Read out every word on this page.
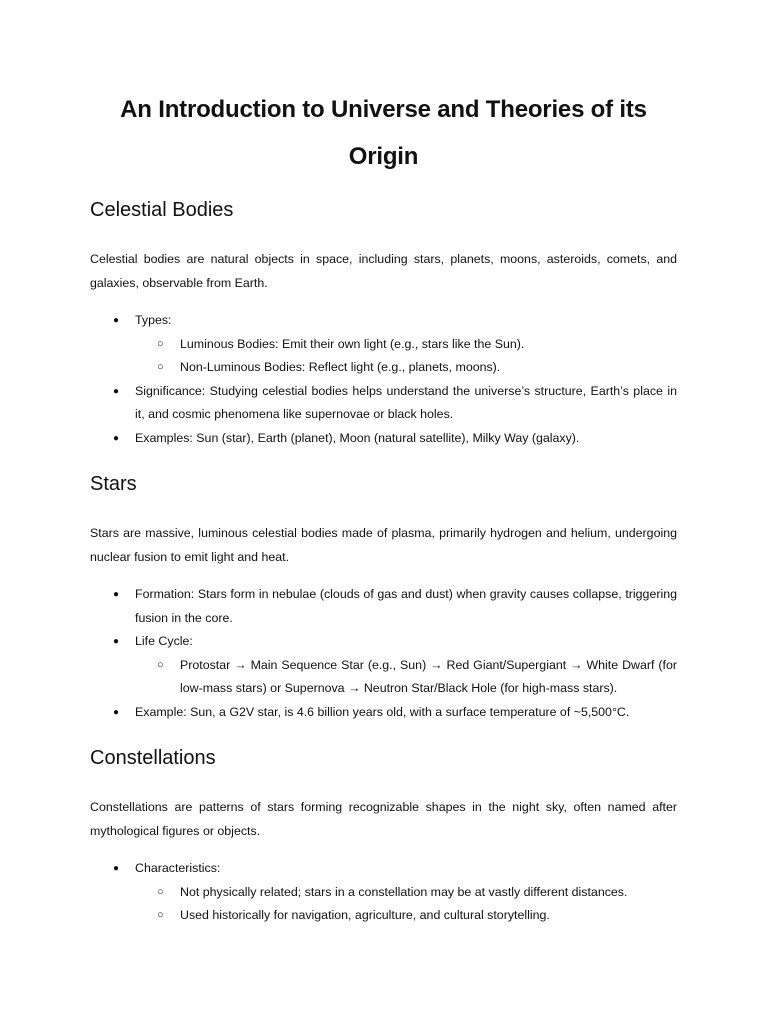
An Introduction to Universe and Theories of its
Origin
Celestial Bodies

Celestial bodies are natural objects in space, including stars, planets, moons, asteroids, comets, and galaxies, observable from Earth.

● Types:
○ Luminous Bodies: Emit their own light (e.g., stars like the Sun).
○ Non-Luminous Bodies: Reflect light (e.g., planets, moons).
● Significance: Studying celestial bodies helps understand the universe’s structure, Earth’s place in it, and cosmic phenomena like supernovae or black holes.
● Examples: Sun (star), Earth (planet), Moon (natural satellite), Milky Way (galaxy).
Stars

Stars are massive, luminous celestial bodies made of plasma, primarily hydrogen and helium, undergoing nuclear fusion to emit light and heat.

● Formation: Stars form in nebulae (clouds of gas and dust) when gravity causes collapse, triggering fusion in the core.
● Life Cycle:
○ Protostar → Main Sequence Star (e.g., Sun) → Red Giant/Supergiant → White Dwarf (for low-mass stars) or Supernova → Neutron Star/Black Hole (for high-mass stars).
● Example: Sun, a G2V star, is 4.6 billion years old, with a surface temperature of ~5,500°C.
Constellations

Constellations are patterns of stars forming recognizable shapes in the night sky, often named after mythological figures or objects.

● Characteristics:
○ Not physically related; stars in a constellation may be at vastly different distances.
○ Used historically for navigation, agriculture, and cultural storytelling.
